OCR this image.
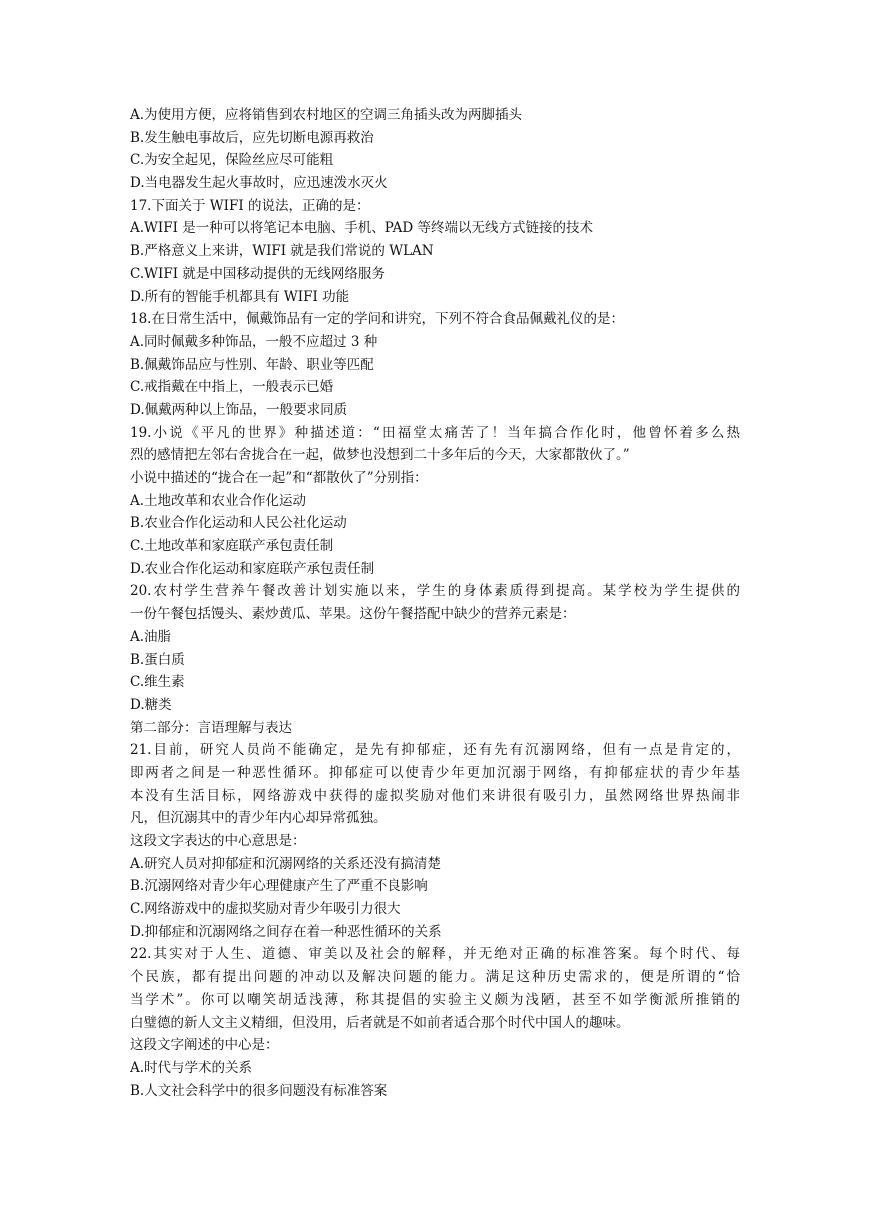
A.为使用方便，应将销售到农村地区的空调三角插头改为两脚插头
B.发生触电事故后，应先切断电源再救治
C.为安全起见，保险丝应尽可能粗
D.当电器发生起火事故时，应迅速泼水灭火
17.下面关于 WIFI 的说法，正确的是：
A.WIFI 是一种可以将笔记本电脑、手机、PAD 等终端以无线方式链接的技术
B.严格意义上来讲，WIFI 就是我们常说的 WLAN
C.WIFI 就是中国移动提供的无线网络服务
D.所有的智能手机都具有 WIFI 功能
18.在日常生活中，佩戴饰品有一定的学问和讲究，下列不符合食品佩戴礼仪的是：
A.同时佩戴多种饰品，一般不应超过 3 种
B.佩戴饰品应与性别、年龄、职业等匹配
C.戒指戴在中指上，一般表示已婚
D.佩戴两种以上饰品，一般要求同质
19.小说《平凡的世界》种描述道：“田福堂太痛苦了！当年搞合作化时，他曾怀着多么热
烈的感情把左邻右舍拢合在一起，做梦也没想到二十多年后的今天，大家都散伙了。”
小说中描述的“拢合在一起”和“都散伙了”分别指：
A.土地改革和农业合作化运动
B.农业合作化运动和人民公社化运动
C.土地改革和家庭联产承包责任制
D.农业合作化运动和家庭联产承包责任制
20.农村学生营养午餐改善计划实施以来，学生的身体素质得到提高。某学校为学生提供的
一份午餐包括馒头、素炒黄瓜、苹果。这份午餐搭配中缺少的营养元素是：
A.油脂
B.蛋白质
C.维生素
D.糖类
第二部分：言语理解与表达
21.目前，研究人员尚不能确定，是先有抑郁症，还有先有沉溺网络，但有一点是肯定的，
即两者之间是一种恶性循环。抑郁症可以使青少年更加沉溺于网络，有抑郁症状的青少年基
本没有生活目标，网络游戏中获得的虚拟奖励对他们来讲很有吸引力，虽然网络世界热闹非
凡，但沉溺其中的青少年内心却异常孤独。
这段文字表达的中心意思是：
A.研究人员对抑郁症和沉溺网络的关系还没有搞清楚
B.沉溺网络对青少年心理健康产生了严重不良影响
C.网络游戏中的虚拟奖励对青少年吸引力很大
D.抑郁症和沉溺网络之间存在着一种恶性循环的关系
22.其实对于人生、道德、审美以及社会的解释，并无绝对正确的标准答案。每个时代、每
个民族，都有提出问题的冲动以及解决问题的能力。满足这种历史需求的，便是所谓的“恰
当学术”。你可以嘲笑胡适浅薄，称其提倡的实验主义颇为浅陋，甚至不如学衡派所推销的
白璧德的新人文主义精细，但没用，后者就是不如前者适合那个时代中国人的趣味。
这段文字阐述的中心是：
A.时代与学术的关系
B.人文社会科学中的很多问题没有标准答案
